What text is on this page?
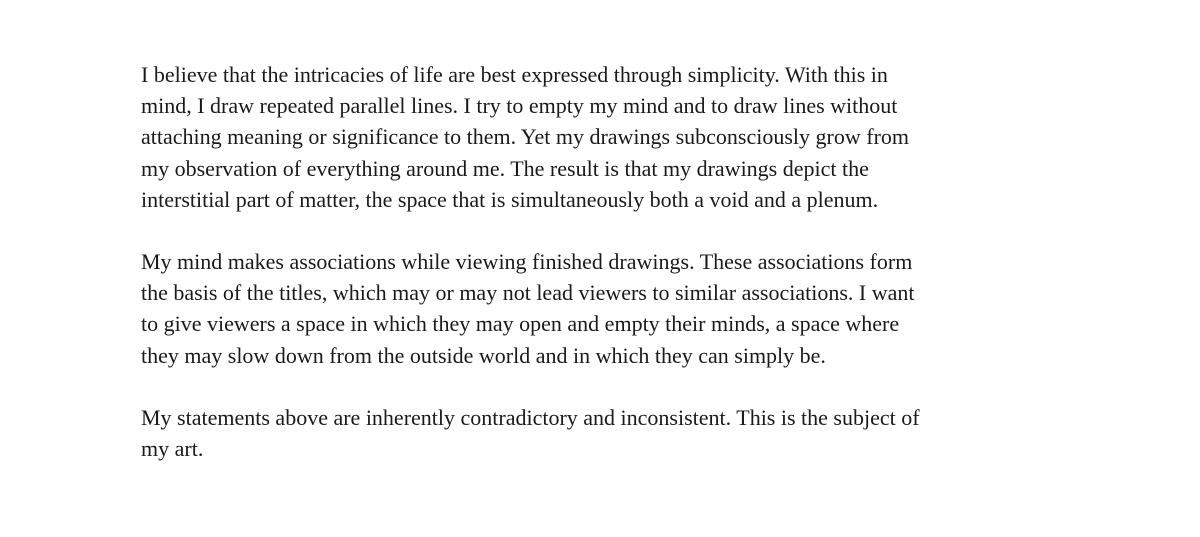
I believe that the intricacies of life are best expressed through simplicity. With this in
mind, I draw repeated parallel lines. I try to empty my mind and to draw lines without
attaching meaning or significance to them. Yet my drawings subconsciously grow from
my observation of everything around me. The result is that my drawings depict the
interstitial part of matter, the space that is simultaneously both a void and a plenum.

My mind makes associations while viewing finished drawings. These associations form
the basis of the titles, which may or may not lead viewers to similar associations. I want
to give viewers a space in which they may open and empty their minds, a space where
they may slow down from the outside world and in which they can simply be.

My statements above are inherently contradictory and inconsistent. This is the subject of
my art.
